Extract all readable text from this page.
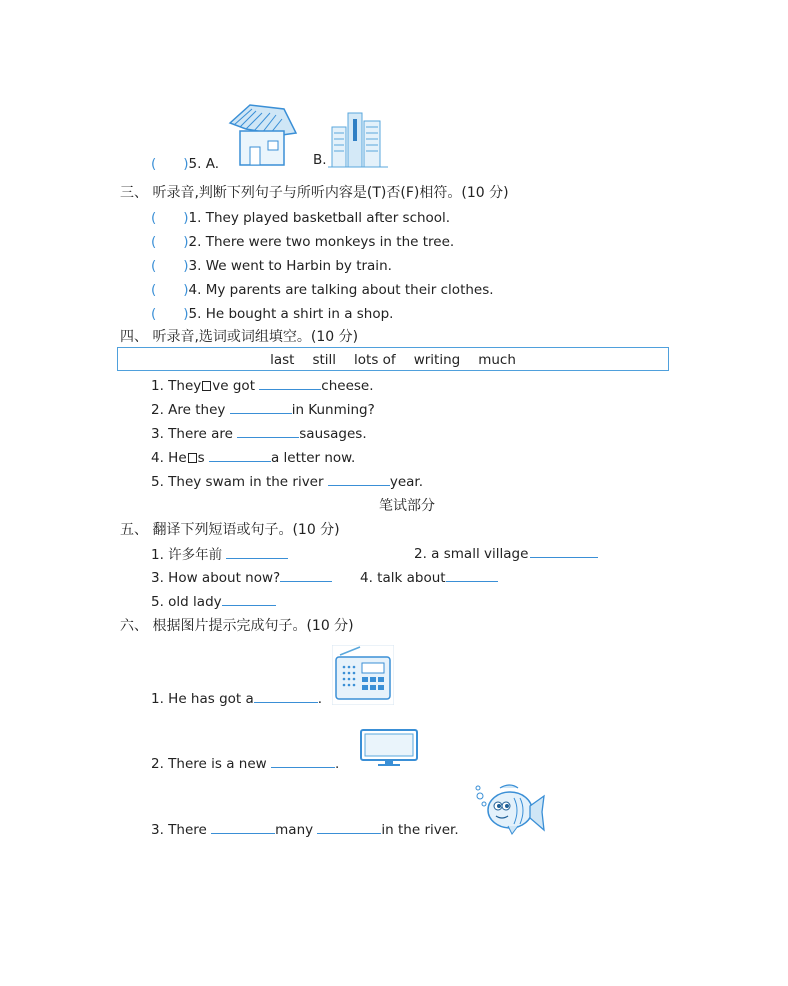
(　　)5. A.	B.
三、 听录音,判断下列句子与所听内容是(T)否(F)相符。(10 分)
(　　)1. They played basketball after school.
(　　)2. There were two monkeys in the tree.
(　　)3. We went to Harbin by train.
(　　)4. My parents are talking about their clothes.
(　　)5. He bought a shirt in a shop.
四、 听录音,选词或词组填空。(10 分)
last still lots of writing much
1. They ve got	cheese.
2. Are they	in Kunming?
3. There are	sausages.
4. He s	a letter now.
5. They swam in the river	year.
笔试部分
五、 翻译下列短语或句子。(10 分)
1. 许多年前	2. a small village
3. How about now?	4. talk about
5. old lady
六、 根据图片提示完成句子。(10 分)
1. He has got a	.
2. There is a new	.
3. There	many	in the river.
